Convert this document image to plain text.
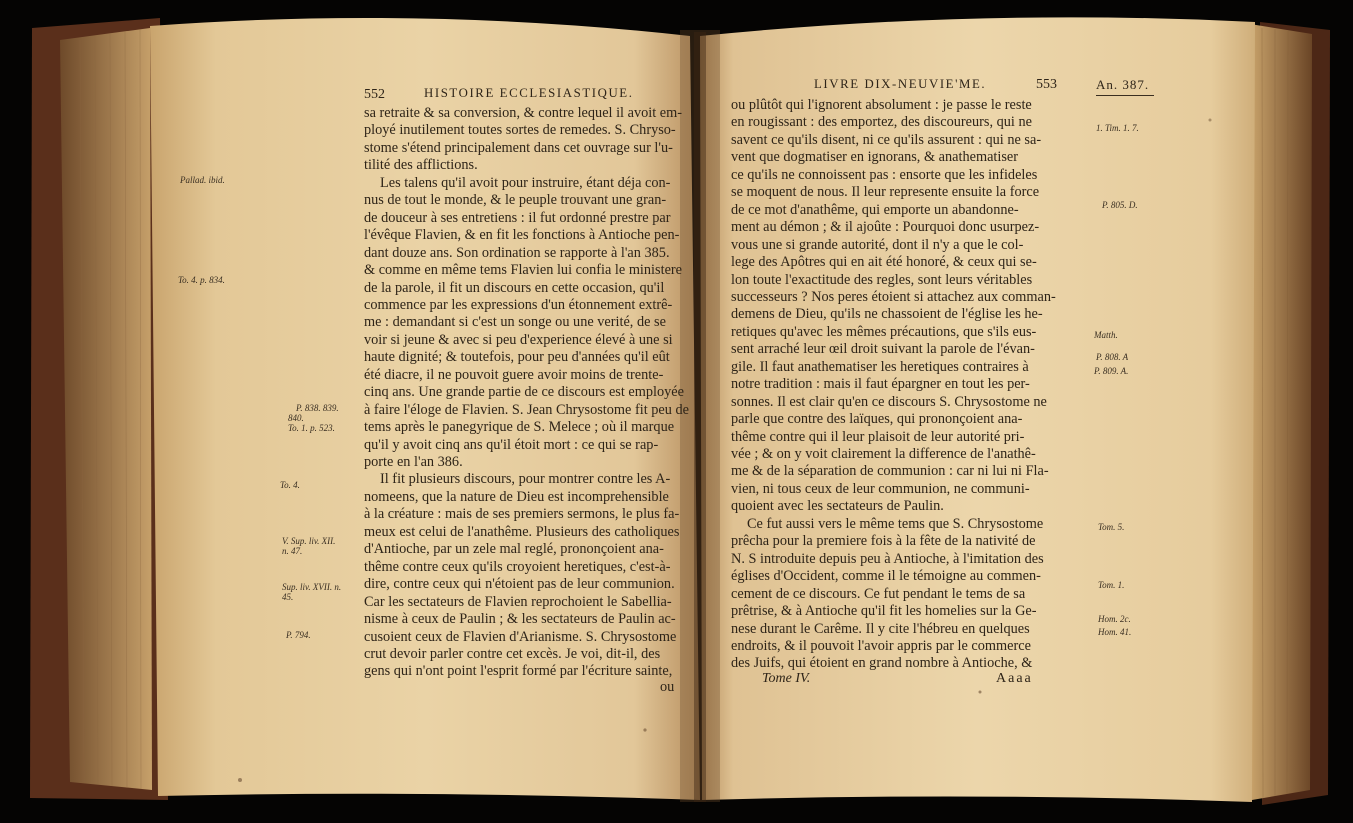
552	HISTOIRE ECCLESIASTIQUE.
sa retraite & sa conversion, & contre lequel il avoit em-
ployé inutilement toutes sortes de remedes. S. Chryso-
stome s'étend principalement dans cet ouvrage sur l'u-
tilité des afflictions.
Les talens qu'il avoit pour instruire, étant déja con-
nus de tout le monde, & le peuple trouvant une gran-
de douceur à ses entretiens : il fut ordonné prestre par
l'évêque Flavien, & en fit les fonctions à Antioche pen-
dant douze ans. Son ordination se rapporte à l'an 385.
& comme en même tems Flavien lui confia le ministere
de la parole, il fit un discours en cette occasion, qu'il
commence par les expressions d'un étonnement extrê-
me : demandant si c'est un songe ou une verité, de se
voir si jeune & avec si peu d'experience élevé à une si
haute dignité; & toutefois, pour peu d'années qu'il eût
été diacre, il ne pouvoit guere avoir moins de trente-
cinq ans. Une grande partie de ce discours est employée
à faire l'éloge de Flavien. S. Jean Chrysostome fit peu de
tems après le panegyrique de S. Melece ; où il marque
qu'il y avoit cinq ans qu'il étoit mort : ce qui se rap-
porte en l'an 386.
Il fit plusieurs discours, pour montrer contre les A-
nomeens, que la nature de Dieu est incomprehensible
à la créature : mais de ses premiers sermons, le plus fa-
meux est celui de l'anathême. Plusieurs des catholiques
d'Antioche, par un zele mal reglé, prononçoient ana-
thême contre ceux qu'ils croyoient heretiques, c'est-à-
dire, contre ceux qui n'étoient pas de leur communion.
Car les sectateurs de Flavien reprochoient le Sabellia-
nisme à ceux de Paulin ; & les sectateurs de Paulin ac-
cusoient ceux de Flavien d'Arianisme. S. Chrysostome
crut devoir parler contre cet excès. Je voi, dit-il, des
gens qui n'ont point l'esprit formé par l'écriture sainte,
ou
Pallad. ibid.
To. 4. p. 834.
P. 838. 839.
840.
To. 1. p. 523.
To. 4.
V. Sup. liv. XII.
n. 47.
Sup. liv. XVII. n.
45.
P. 794.
LIVRE DIX-NEUVIE'ME.	553	An. 387.
ou plûtôt qui l'ignorent absolument : je passe le reste
en rougissant : des emportez, des discoureurs, qui ne
savent ce qu'ils disent, ni ce qu'ils assurent : qui ne sa-
vent que dogmatiser en ignorans, & anathematiser
ce qu'ils ne connoissent pas : ensorte que les infideles
se moquent de nous. Il leur represente ensuite la force
de ce mot d'anathême, qui emporte un abandonne-
ment au démon ; & il ajoûte : Pourquoi donc usurpez-
vous une si grande autorité, dont il n'y a que le col-
lege des Apôtres qui en ait été honoré, & ceux qui se-
lon toute l'exactitude des regles, sont leurs véritables
successeurs ? Nos peres étoient si attachez aux comman-
demens de Dieu, qu'ils ne chassoient de l'église les he-
retiques qu'avec les mêmes précautions, que s'ils eus-
sent arraché leur œil droit suivant la parole de l'évan-
gile. Il faut anathematiser les heretiques contraires à
notre tradition : mais il faut épargner en tout les per-
sonnes. Il est clair qu'en ce discours S. Chrysostome ne
parle que contre des laïques, qui prononçoient ana-
thême contre qui il leur plaisoit de leur autorité pri-
vée ; & on y voit clairement la difference de l'anathê-
me & de la séparation de communion : car ni lui ni Fla-
vien, ni tous ceux de leur communion, ne communi-
quoient avec les sectateurs de Paulin.
Ce fut aussi vers le même tems que S. Chrysostome
prêcha pour la premiere fois à la fête de la nativité de
N. S introduite depuis peu à Antioche, à l'imitation des
églises d'Occident, comme il le témoigne au commen-
cement de ce discours. Ce fut pendant le tems de sa
prêtrise, & à Antioche qu'il fit les homelies sur la Ge-
nese durant le Carême. Il y cite l'hébreu en quelques
endroits, & il pouvoit l'avoir appris par le commerce
des Juifs, qui étoient en grand nombre à Antioche, &
Tome IV.	Aaaa
1. Tim. 1. 7.
P. 805. D.
Matth.
P. 808. A
P. 809. A.
Tom. 5.
Tom. 1.
Hom. 2c.
Hom. 41.
